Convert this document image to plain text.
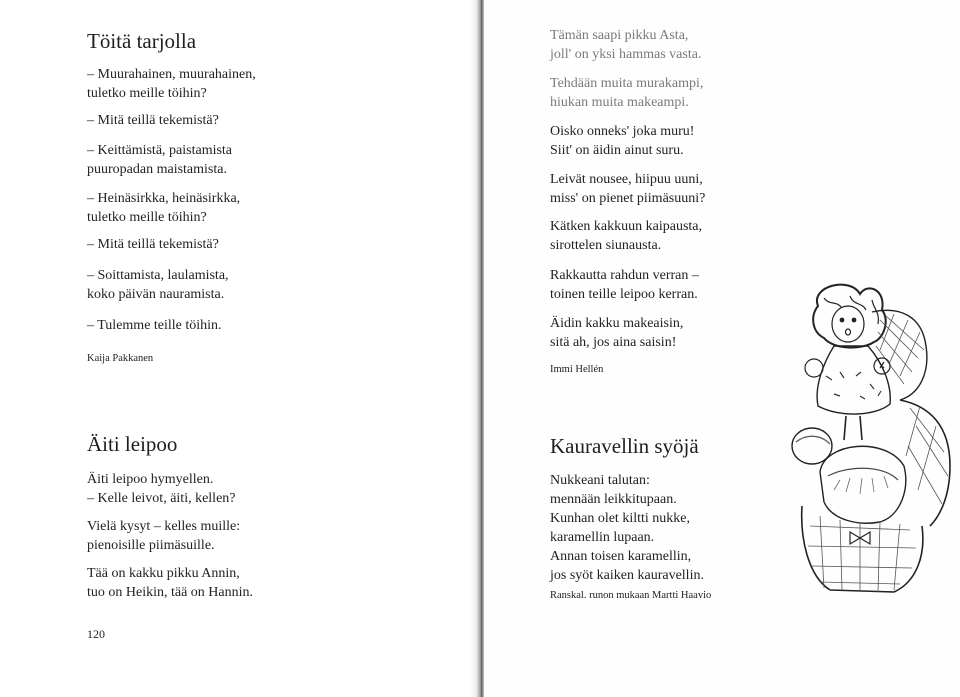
Töitä tarjolla
– Muurahainen, muurahainen,
tuletko meille töihin?
– Mitä teillä tekemistä?
– Keittämistä, paistamista
puuropadan maistamista.
– Heinäsirkka, heinäsirkka,
tuletko meille töihin?
– Mitä teillä tekemistä?
– Soittamista, laulamista,
koko päivän nauramista.
– Tulemme teille töihin.
Kaija Pakkanen
Äiti leipoo
Äiti leipoo hymyellen.
– Kelle leivot, äiti, kellen?
Vielä kysyt – kelles muille:
pienoisille piimäsuille.
Tää on kakku pikku Annin,
tuo on Heikin, tää on Hannin.
120
Tämän saapi pikku Asta,
joll' on yksi hammas vasta.
Tehdään muita murakampi,
hiukan muita makeampi.
Oisko onneks' joka muru!
Siit' on äidin ainut suru.
Leivät nousee, hiipuu uuni,
miss' on pienet piimäsuuni?
Kätken kakkuun kaipausta,
sirottelen siunausta.
Rakkautta rahdun verran –
toinen teille leipoo kerran.
Äidin kakku makeaisin,
sitä ah, jos aina saisin!
Immi Hellén
Kauravellin syöjä
Nukkeani talutan:
mennään leikkitupaan.
Kunhan olet kiltti nukke,
karamellin lupaan.
Annan toisen karamellin,
jos syöt kaiken kauravellin.
Ranskal. runon mukaan Martti Haavio
